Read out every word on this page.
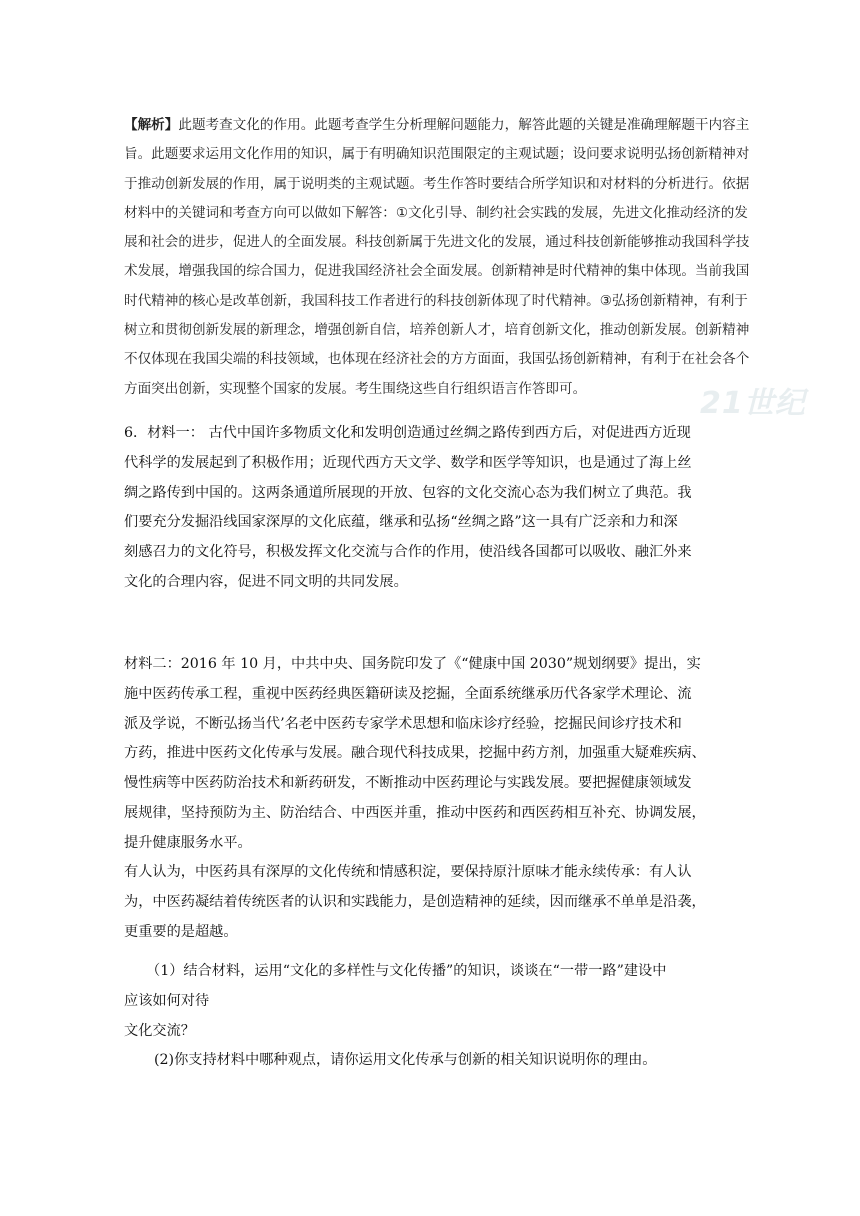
21世纪
【解析】此题考查文化的作用。此题考查学生分析理解问题能力，解答此题的关键是准确理解题干内容主
旨。此题要求运用文化作用的知识，属于有明确知识范围限定的主观试题；设问要求说明弘扬创新精神对
于推动创新发展的作用，属于说明类的主观试题。考生作答时要结合所学知识和对材料的分析进行。依据
材料中的关键词和考查方向可以做如下解答：①文化引导、制约社会实践的发展，先进文化推动经济的发
展和社会的进步，促进人的全面发展。科技创新属于先进文化的发展，通过科技创新能够推动我国科学技
术发展，增强我国的综合国力，促进我国经济社会全面发展。创新精神是时代精神的集中体现。当前我国
时代精神的核心是改革创新，我国科技工作者进行的科技创新体现了时代精神。③弘扬创新精神，有利于
树立和贯彻创新发展的新理念，增强创新自信，培养创新人才，培育创新文化，推动创新发展。创新精神
不仅体现在我国尖端的科技领域，也体现在经济社会的方方面面，我国弘扬创新精神，有利于在社会各个
方面突出创新，实现整个国家的发展。考生围绕这些自行组织语言作答即可。
6．材料一： 古代中国许多物质文化和发明创造通过丝绸之路传到西方后，对促进西方近现
代科学的发展起到了积极作用；近现代西方天文学、数学和医学等知识，也是通过了海上丝
绸之路传到中国的。这两条通道所展现的开放、包容的文化交流心态为我们树立了典范。我
们要充分发掘沿线国家深厚的文化底蕴，继承和弘扬“丝绸之路”这一具有广泛亲和力和深
刻感召力的文化符号，积极发挥文化交流与合作的作用，使沿线各国都可以吸收、融汇外来
文化的合理内容，促进不同文明的共同发展。
材料二：2016 年 10 月，中共中央、国务院印发了《“健康中国 2030”规划纲要》提出，实
施中医药传承工程，重视中医药经典医籍研读及挖掘，全面系统继承历代各家学术理论、流
派及学说，不断弘扬当代’名老中医药专家学术思想和临床诊疗经验，挖掘民间诊疗技术和
方药，推进中医药文化传承与发展。融合现代科技成果，挖掘中药方剂，加强重大疑难疾病、
慢性病等中医药防治技术和新药研发，不断推动中医药理论与实践发展。要把握健康领域发
展规律，坚持预防为主、防治结合、中西医并重，推动中医药和西医药相互补充、协调发展，
提升健康服务水平。
有人认为，中医药具有深厚的文化传统和情感积淀，要保持原汁原味才能永续传承：有人认
为，中医药凝结着传统医者的认识和实践能力，是创造精神的延续，因而继承不单单是沿袭，
更重要的是超越。
（1）结合材料，运用“文化的多样性与文化传播”的知识，谈谈在“一带一路”建设中
应该如何对待
文化交流？
(2)你支持材料中哪种观点，请你运用文化传承与创新的相关知识说明你的理由。
